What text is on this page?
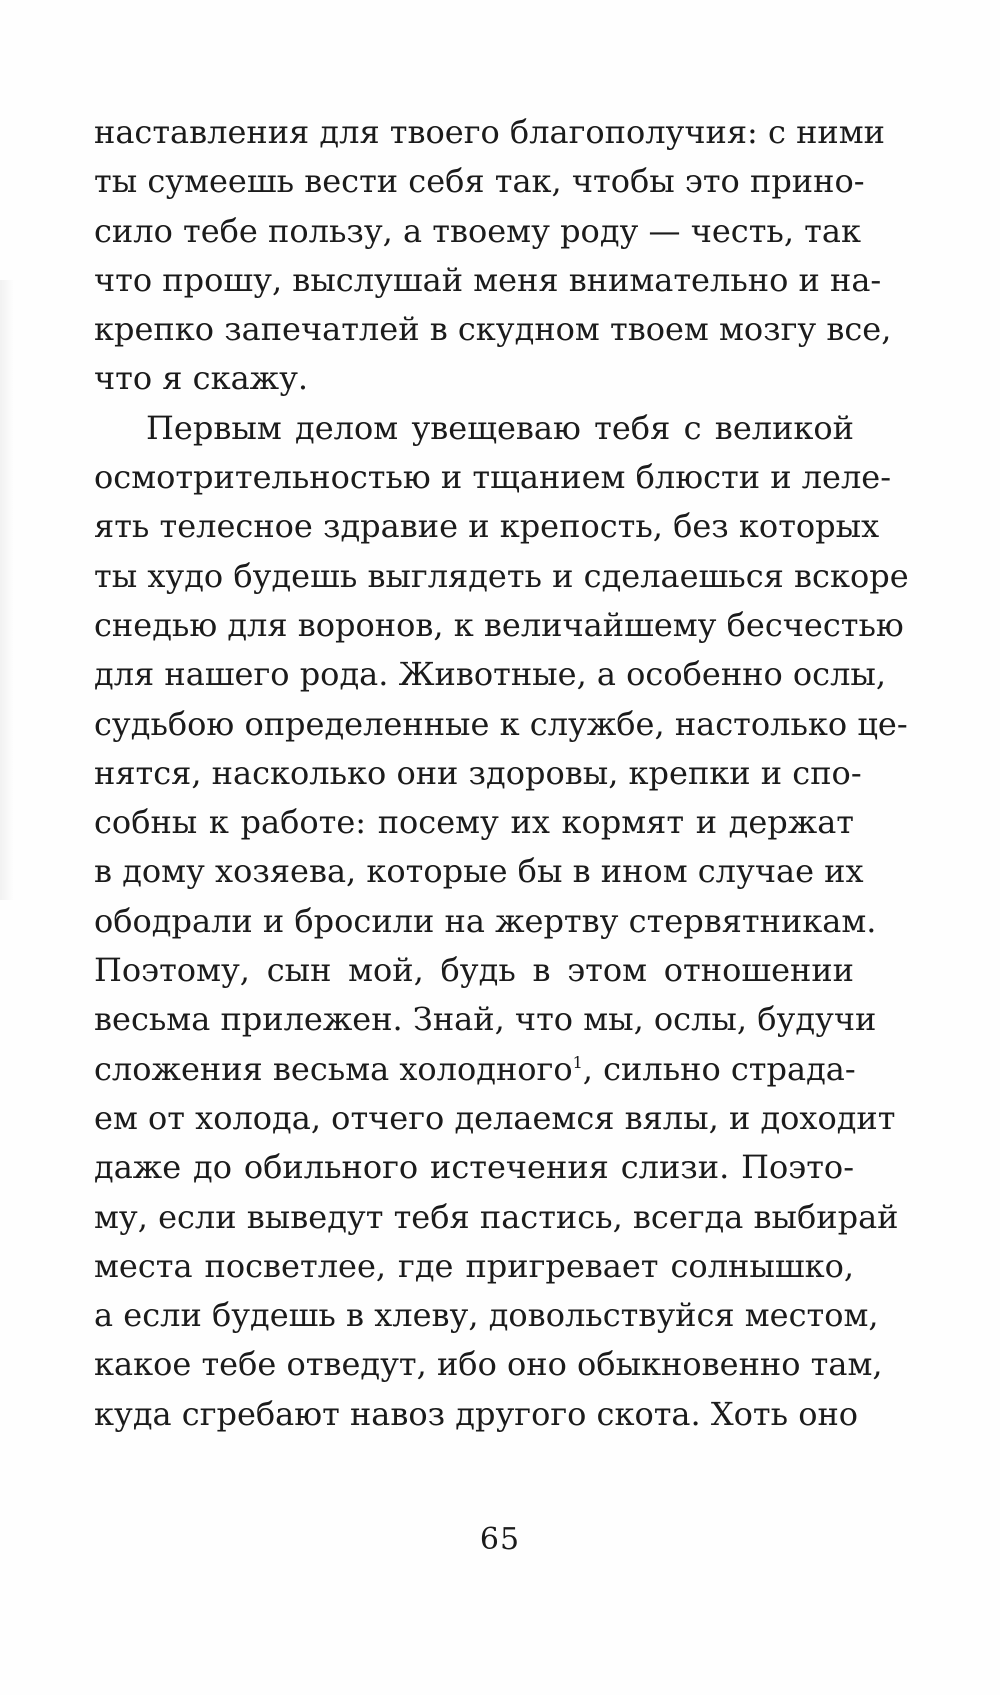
наставления для твоего благополучия: с ними
ты сумеешь вести себя так, чтобы это прино-
сило тебе пользу, а твоему роду — честь, так
что прошу, выслушай меня внимательно и на-
крепко запечатлей в скудном твоем мозгу все,
что я скажу.
Первым делом увещеваю тебя с великой
осмотрительностью и тщанием блюсти и леле-
ять телесное здравие и крепость, без которых
ты худо будешь выглядеть и сделаешься вскоре
снедью для воронов, к величайшему бесчестью
для нашего рода. Животные, а особенно ослы,
судьбою определенные к службе, настолько це-
нятся, насколько они здоровы, крепки и спо-
собны к работе: посему их кормят и держат
в дому хозяева, которые бы в ином случае их
ободрали и бросили на жертву стервятникам.
Поэтому, сын мой, будь в этом отношении
весьма прилежен. Знай, что мы, ослы, будучи
сложения весьма холодного$^1$, сильно страда-
ем от холода, отчего делаемся вялы, и доходит
даже до обильного истечения слизи. Поэто-
му, если выведут тебя пастись, всегда выбирай
места посветлее, где пригревает солнышко,
а если будешь в хлеву, довольствуйся местом,
какое тебе отведут, ибо оно обыкновенно там,
куда сгребают навоз другого скота. Хоть оно
65
